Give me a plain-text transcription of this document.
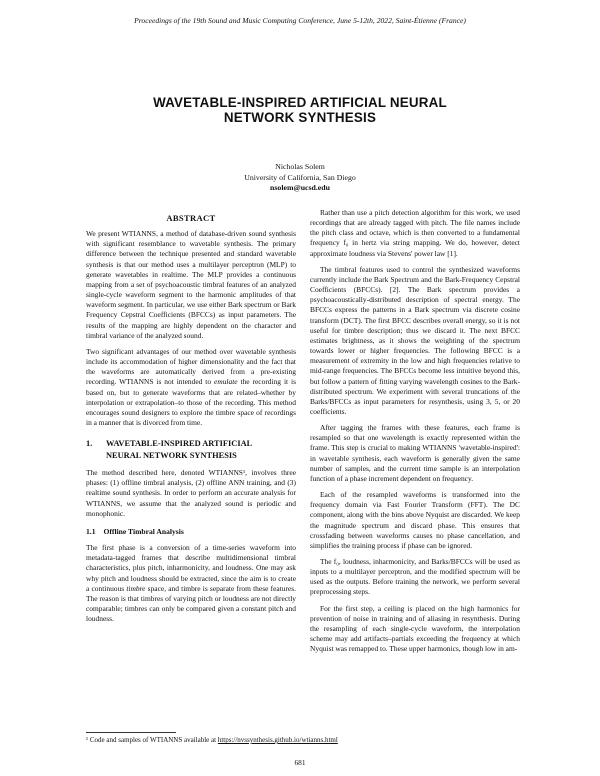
Proceedings of the 19th Sound and Music Computing Conference, June 5-12th, 2022, Saint-Étienne (France)
WAVETABLE-INSPIRED ARTIFICIAL NEURAL
NETWORK SYNTHESIS
Nicholas Solem
University of California, San Diego
nsolem@ucsd.edu
ABSTRACT

We present WTIANNS, a method of database-driven sound synthesis with significant resemblance to wavetable synthesis. The primary difference between the technique presented and standard wavetable synthesis is that our method uses a multilayer perceptron (MLP) to generate wavetables in realtime. The MLP provides a continuous mapping from a set of psychoacoustic timbral features of an analyzed single-cycle waveform segment to the harmonic amplitudes of that waveform segment. In particular, we use either Bark spectrum or Bark Frequency Cepstral Coefficients (BFCCs) as input parameters. The results of the mapping are highly dependent on the character and timbral variance of the analyzed sound.

Two significant advantages of our method over wavetable synthesis include its accommodation of higher dimensionality and the fact that the waveforms are automatically derived from a pre-existing recording. WTIANNS is not intended to emulate the recording it is based on, but to generate waveforms that are related–whether by interpolation or extrapolation–to those of the recording. This method encourages sound designers to explore the timbre space of recordings in a manner that is divorced from time.

1. WAVETABLE-INSPIRED ARTIFICIAL
NEURAL NETWORK SYNTHESIS

The method described here, denoted WTIANNS¹, involves three phases: (1) offline timbral analysis, (2) offline ANN training, and (3) realtime sound synthesis. In order to perform an accurate analysis for WTIANNS, we assume that the analyzed sound is periodic and monophonic.

1.1 Offline Timbral Analysis

The first phase is a conversion of a time-series waveform into metadata-tagged frames that describe multidimensional timbral characteristics, plus pitch, inharmonicity, and loudness. One may ask why pitch and loudness should be extracted, since the aim is to create a continuous timbre space, and timbre is separate from these features. The reason is that timbres of varying pitch or loudness are not directly comparable; timbres can only be compared given a constant pitch and loudness.

Rather than use a pitch detection algorithm for this work, we used recordings that are already tagged with pitch. The file names include the pitch class and octave, which is then converted to a fundamental frequency f₀ in hertz via string mapping. We do, however, detect approximate loudness via Stevens' power law [1].

The timbral features used to control the synthesized waveforms currently include the Bark Spectrum and the Bark-Frequency Cepstral Coefficients (BFCCs). [2]. The Bark spectrum provides a psychoacoustically-distributed description of spectral energy. The BFCCs express the patterns in a Bark spectrum via discrete cosine transform (DCT). The first BFCC describes overall energy, so it is not useful for timbre description; thus we discard it. The next BFCC estimates brightness, as it shows the weighting of the spectrum towards lower or higher frequencies. The following BFCC is a measurement of extremity in the low and high frequencies relative to mid-range frequencies. The BFCCs become less intuitive beyond this, but follow a pattern of fitting varying wavelength cosines to the Bark-distributed spectrum. We experiment with several truncations of the Barks/BFCCs as input parameters for resynthesis, using 3, 5, or 20 coefficients.

After tagging the frames with these features, each frame is resampled so that one wavelength is exactly represented within the frame. This step is crucial to making WTIANNS 'wavetable-inspired': in wavetable synthesis, each waveform is generally given the same number of samples, and the current time sample is an interpolation function of a phase increment dependent on frequency.

Each of the resampled waveforms is transformed into the frequency domain via Fast Fourier Transform (FFT). The DC component, along with the bins above Nyquist are discarded. We keep the magnitude spectrum and discard phase. This ensures that crossfading between waveforms causes no phase cancellation, and simplifies the training process if phase can be ignored.

The f₀, loudness, inharmonicity, and Barks/BFCCs will be used as inputs to a multilayer perceptron, and the modified spectrum will be used as the outputs. Before training the network, we perform several preprocessing steps.

For the first step, a ceiling is placed on the high harmonics for prevention of noise in training and of aliasing in resynthesis. During the resampling of each single-cycle waveform, the interpolation scheme may add artifacts–partials exceeding the frequency at which Nyquist was remapped to. These upper harmonics, though low in am-

¹ Code and samples of WTIANNS available at https://nvssynthesis.github.io/wtianns.html
681
